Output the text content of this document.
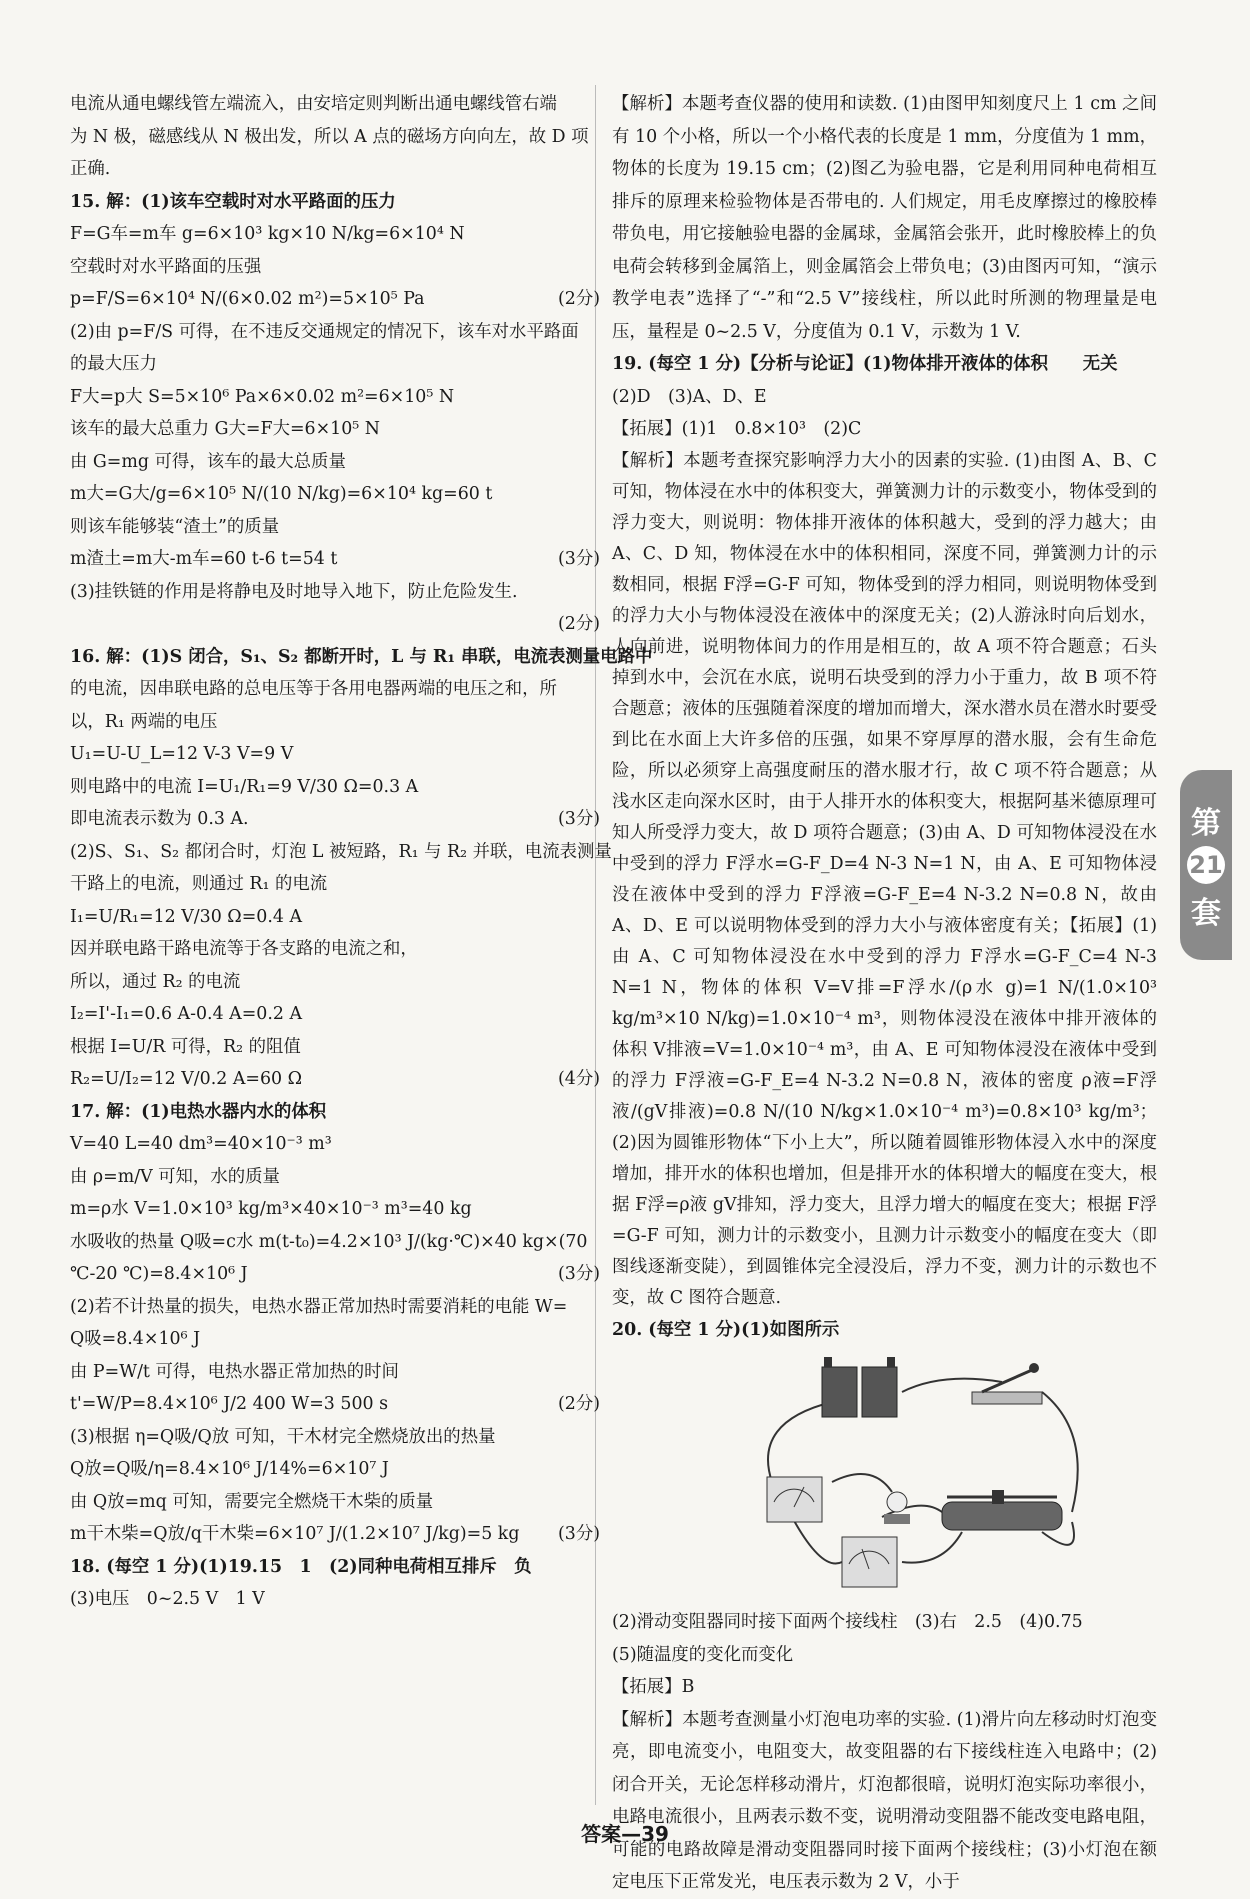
电流从通电螺线管左端流入，由安培定则判断出通电螺线管右端

为 N 极，磁感线从 N 极出发，所以 A 点的磁场方向向左，故 D 项

正确.

15. 解：(1)该车空载时对水平路面的压力

F=G车=m车 g=6×10³ kg×10 N/kg=6×10⁴ N

空载时对水平路面的压强

p=F/S=6×10⁴ N/(6×0.02 m²)=5×10⁵ Pa	(2分)

(2)由 p=F/S 可得，在不违反交通规定的情况下，该车对水平路面

的最大压力

F大=p大 S=5×10⁶ Pa×6×0.02 m²=6×10⁵ N

该车的最大总重力 G大=F大=6×10⁵ N

由 G=mg 可得，该车的最大总质量

m大=G大/g=6×10⁵ N/(10 N/kg)=6×10⁴ kg=60 t

则该车能够装“渣土”的质量

m渣土=m大-m车=60 t-6 t=54 t	(3分)

(3)挂铁链的作用是将静电及时地导入地下，防止危险发生.

(2分)

16. 解：(1)S 闭合，S₁、S₂ 都断开时，L 与 R₁ 串联，电流表测量电路中

的电流，因串联电路的总电压等于各用电器两端的电压之和，所

以，R₁ 两端的电压

U₁=U-U_L=12 V-3 V=9 V

则电路中的电流 I=U₁/R₁=9 V/30 Ω=0.3 A

即电流表示数为 0.3 A.	(3分)

(2)S、S₁、S₂ 都闭合时，灯泡 L 被短路，R₁ 与 R₂ 并联，电流表测量

干路上的电流，则通过 R₁ 的电流

I₁=U/R₁=12 V/30 Ω=0.4 A

因并联电路干路电流等于各支路的电流之和，

所以，通过 R₂ 的电流

I₂=I'-I₁=0.6 A-0.4 A=0.2 A

根据 I=U/R 可得，R₂ 的阻值

R₂=U/I₂=12 V/0.2 A=60 Ω	(4分)

17. 解：(1)电热水器内水的体积

V=40 L=40 dm³=40×10⁻³ m³

由 ρ=m/V 可知，水的质量

m=ρ水 V=1.0×10³ kg/m³×40×10⁻³ m³=40 kg

水吸收的热量 Q吸=c水 m(t-t₀)=4.2×10³ J/(kg·℃)×40 kg×(70

℃-20 ℃)=8.4×10⁶ J	(3分)

(2)若不计热量的损失，电热水器正常加热时需要消耗的电能 W=

Q吸=8.4×10⁶ J

由 P=W/t 可得，电热水器正常加热的时间

t'=W/P=8.4×10⁶ J/2 400 W=3 500 s	(2分)

(3)根据 η=Q吸/Q放 可知，干木材完全燃烧放出的热量

Q放=Q吸/η=8.4×10⁶ J/14%=6×10⁷ J

由 Q放=mq 可知，需要完全燃烧干木柴的质量

m干木柴=Q放/q干木柴=6×10⁷ J/(1.2×10⁷ J/kg)=5 kg (3分)

18. (每空 1 分)(1)19.15　1　(2)同种电荷相互排斥　负

(3)电压　0~2.5 V　1 V

【解析】本题考查仪器的使用和读数. (1)由图甲知刻度尺上 1 cm 之间有 10 个小格，所以一个小格代表的长度是 1 mm，分度值为 1 mm，物体的长度为 19.15 cm；(2)图乙为验电器，它是利用同种电荷相互排斥的原理来检验物体是否带电的. 人们规定，用毛皮摩擦过的橡胶棒带负电，用它接触验电器的金属球，金属箔会张开，此时橡胶棒上的负电荷会转移到金属箔上，则金属箔会上带负电；(3)由图丙可知，“演示教学电表”选择了“-”和“2.5 V”接线柱，所以此时所测的物理量是电压，量程是 0~2.5 V，分度值为 0.1 V，示数为 1 V.

19. (每空 1 分)【分析与论证】(1)物体排开液体的体积　　无关

(2)D　(3)A、D、E

【拓展】(1)1　0.8×10³　(2)C

【解析】本题考查探究影响浮力大小的因素的实验. (1)由图 A、B、C 可知，物体浸在水中的体积变大，弹簧测力计的示数变小，物体受到的浮力变大，则说明：物体排开液体的体积越大，受到的浮力越大；由 A、C、D 知，物体浸在水中的体积相同，深度不同，弹簧测力计的示数相同，根据 F浮=G-F 可知，物体受到的浮力相同，则说明物体受到的浮力大小与物体浸没在液体中的深度无关；(2)人游泳时向后划水，人向前进，说明物体间力的作用是相互的，故 A 项不符合题意；石头掉到水中，会沉在水底，说明石块受到的浮力小于重力，故 B 项不符合题意；液体的压强随着深度的增加而增大，深水潜水员在潜水时要受到比在水面上大许多倍的压强，如果不穿厚厚的潜水服，会有生命危险，所以必须穿上高强度耐压的潜水服才行，故 C 项不符合题意；从浅水区走向深水区时，由于人排开水的体积变大，根据阿基米德原理可知人所受浮力变大，故 D 项符合题意；(3)由 A、D 可知物体浸没在水中受到的浮力 F浮水=G-F_D=4 N-3 N=1 N，由 A、E 可知物体浸没在液体中受到的浮力 F浮液=G-F_E=4 N-3.2 N=0.8 N，故由 A、D、E 可以说明物体受到的浮力大小与液体密度有关；【拓展】(1)由 A、C 可知物体浸没在水中受到的浮力 F浮水=G-F_C=4 N-3 N=1 N，物体的体积 V=V排=F浮水/(ρ水 g)=1 N/(1.0×10³ kg/m³×10 N/kg)=1.0×10⁻⁴ m³，则物体浸没在液体中排开液体的体积 V排液=V=1.0×10⁻⁴ m³，由 A、E 可知物体浸没在液体中受到的浮力 F浮液=G-F_E=4 N-3.2 N=0.8 N，液体的密度 ρ液=F浮液/(gV排液)=0.8 N/(10 N/kg×1.0×10⁻⁴ m³)=0.8×10³ kg/m³；(2)因为圆锥形物体“下小上大”，所以随着圆锥形物体浸入水中的深度增加，排开水的体积也增加，但是排开水的体积增大的幅度在变大，根据 F浮=ρ液 gV排知，浮力变大，且浮力增大的幅度在变大；根据 F浮=G-F 可知，测力计的示数变小，且测力计示数变小的幅度在变大（即图线逐渐变陡），到圆锥体完全浸没后，浮力不变，测力计的示数也不变，故 C 图符合题意.

20. (每空 1 分)(1)如图所示

(2)滑动变阻器同时接下面两个接线柱　(3)右　2.5　(4)0.75

(5)随温度的变化而变化

【拓展】B

【解析】本题考查测量小灯泡电功率的实验. (1)滑片向左移动时灯泡变亮，即电流变小，电阻变大，故变阻器的右下接线柱连入电路中；(2)闭合开关，无论怎样移动滑片，灯泡都很暗，说明灯泡实际功率很小，电路电流很小，且两表示数不变，说明滑动变阻器不能改变电路电阻，可能的电路故障是滑动变阻器同时接下面两个接线柱；(3)小灯泡在额定电压下正常发光，电压表示数为 2 V，小于

第
21
套
答案—39
